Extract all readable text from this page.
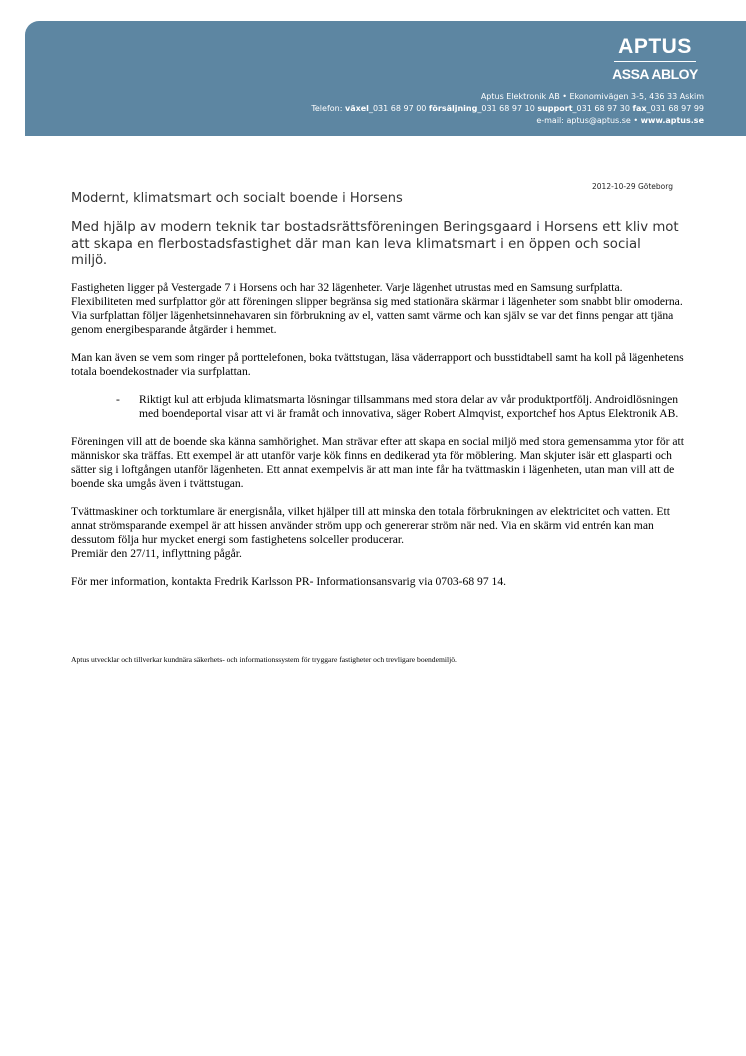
APTUS
ASSA ABLOY
Aptus Elektronik AB • Ekonomivägen 3-5, 436 33 Askim
Telefon: växel_031 68 97 00 försäljning_031 68 97 10 support_031 68 97 30 fax_031 68 97 99
e-mail: aptus@aptus.se • www.aptus.se
2012-10-29 Göteborg
Modernt, klimatsmart och socialt boende i Horsens

Med hjälp av modern teknik tar bostadsrättsföreningen Beringsgaard i Horsens ett kliv mot att skapa en flerbostadsfastighet där man kan leva klimatsmart i en öppen och social miljö.

Fastigheten ligger på Vestergade 7 i Horsens och har 32 lägenheter. Varje lägenhet utrustas med en Samsung surfplatta. Flexibiliteten med surfplattor gör att föreningen slipper begränsa sig med stationära skärmar i lägenheter som snabbt blir omoderna. Via surfplattan följer lägenhetsinnehavaren sin förbrukning av el, vatten samt värme och kan själv se var det finns pengar att tjäna genom energibesparande åtgärder i hemmet.

Man kan även se vem som ringer på porttelefonen, boka tvättstugan, läsa väderrapport och busstidtabell samt ha koll på lägenhetens totala boendekostnader via surfplattan.

- Riktigt kul att erbjuda klimatsmarta lösningar tillsammans med stora delar av vår produktportfölj. Androidlösningen med boendeportal visar att vi är framåt och innovativa, säger Robert Almqvist, exportchef hos Aptus Elektronik AB.

Föreningen vill att de boende ska känna samhörighet. Man strävar efter att skapa en social miljö med stora gemensamma ytor för att människor ska träffas. Ett exempel är att utanför varje kök finns en dedikerad yta för möblering. Man skjuter isär ett glasparti och sätter sig i loftgången utanför lägenheten. Ett annat exempelvis är att man inte får ha tvättmaskin i lägenheten, utan man vill att de boende ska umgås även i tvättstugan.

Tvättmaskiner och torktumlare är energisnåla, vilket hjälper till att minska den totala förbrukningen av elektricitet och vatten. Ett annat strömsparande exempel är att hissen använder ström upp och genererar ström när ned. Via en skärm vid entrén kan man dessutom följa hur mycket energi som fastighetens solceller producerar.
Premiär den 27/11, inflyttning pågår.

För mer information, kontakta Fredrik Karlsson PR- Informationsansvarig via 0703-68 97 14.

Aptus utvecklar och tillverkar kundnära säkerhets- och informationssystem för tryggare fastigheter och trevligare boendemiljö.
